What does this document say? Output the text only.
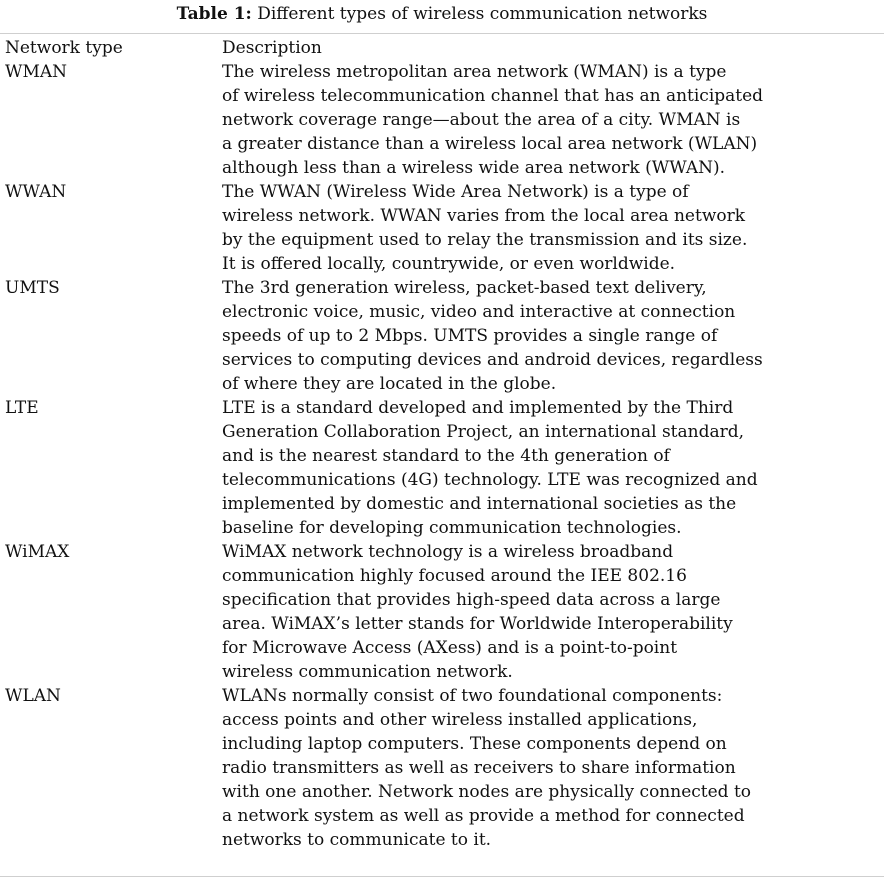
Table 1: Different types of wireless communication networks
Network type	Description
WMAN	The wireless metropolitan area network (WMAN) is a type
of wireless telecommunication channel that has an anticipated
network coverage range—about the area of a city. WMAN is
a greater distance than a wireless local area network (WLAN)
although less than a wireless wide area network (WWAN).
WWAN	The WWAN (Wireless Wide Area Network) is a type of
wireless network. WWAN varies from the local area network
by the equipment used to relay the transmission and its size.
It is offered locally, countrywide, or even worldwide.
UMTS	The 3rd generation wireless, packet-based text delivery,
electronic voice, music, video and interactive at connection
speeds of up to 2 Mbps. UMTS provides a single range of
services to computing devices and android devices, regardless
of where they are located in the globe.
LTE	LTE is a standard developed and implemented by the Third
Generation Collaboration Project, an international standard,
and is the nearest standard to the 4th generation of
telecommunications (4G) technology. LTE was recognized and
implemented by domestic and international societies as the
baseline for developing communication technologies.
WiMAX	WiMAX network technology is a wireless broadband
communication highly focused around the IEE 802.16
specification that provides high-speed data across a large
area. WiMAX’s letter stands for Worldwide Interoperability
for Microwave Access (AXess) and is a point-to-point
wireless communication network.
WLAN	WLANs normally consist of two foundational components:
access points and other wireless installed applications,
including laptop computers. These components depend on
radio transmitters as well as receivers to share information
with one another. Network nodes are physically connected to
a network system as well as provide a method for connected
networks to communicate to it.
